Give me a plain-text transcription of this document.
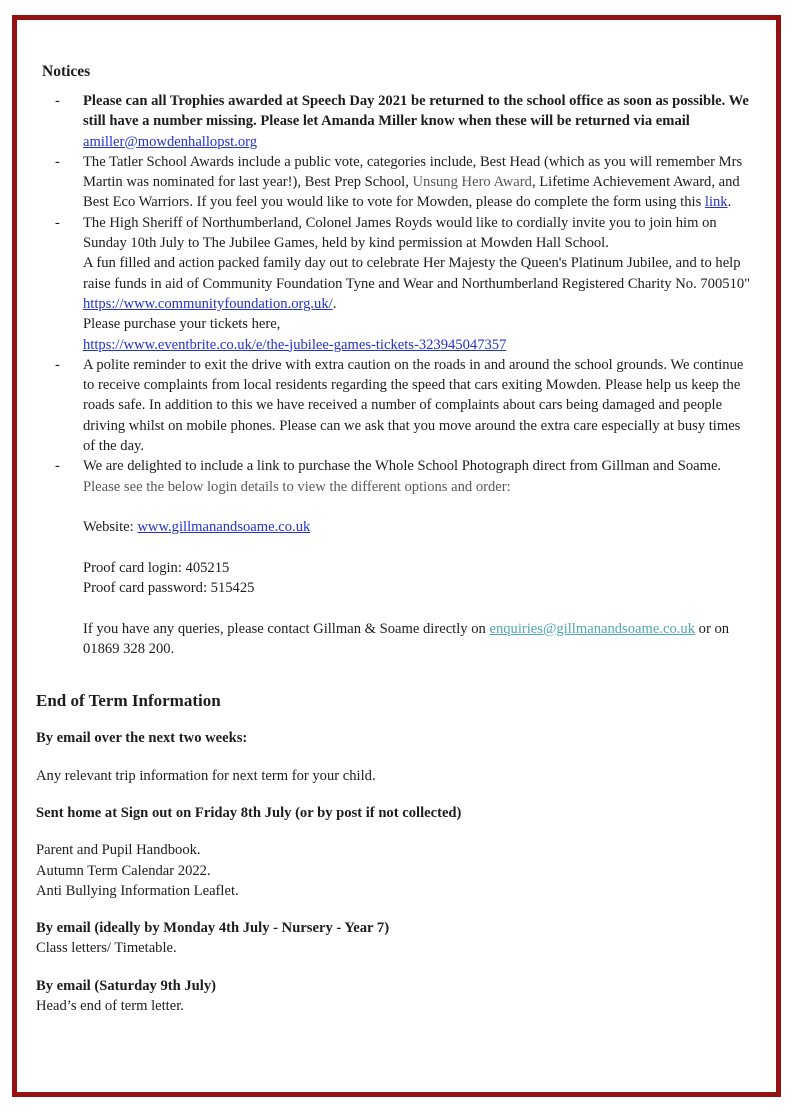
Notices
-	Please can all Trophies awarded at Speech Day 2021 be returned to the school office as soon as possible. We still have a number missing. Please let Amanda Miller know when these will be returned via email amiller@mowdenhallopst.org
-	The Tatler School Awards include a public vote, categories include, Best Head (which as you will remember Mrs Martin was nominated for last year!), Best Prep School, Unsung Hero Award, Lifetime Achievement Award, and Best Eco Warriors. If you feel you would like to vote for Mowden, please do complete the form using this link.
-	The High Sheriff of Northumberland, Colonel James Royds would like to cordially invite you to join him on Sunday 10th July to The Jubilee Games, held by kind permission at Mowden Hall School.
A fun filled and action packed family day out to celebrate Her Majesty the Queen's Platinum Jubilee, and to help raise funds in aid of Community Foundation Tyne and Wear and Northumberland Registered Charity No. 700510"
https://www.communityfoundation.org.uk/.
Please purchase your tickets here,
https://www.eventbrite.co.uk/e/the-jubilee-games-tickets-323945047357
-	A polite reminder to exit the drive with extra caution on the roads in and around the school grounds. We continue to receive complaints from local residents regarding the speed that cars exiting Mowden. Please help us keep the roads safe. In addition to this we have received a number of complaints about cars being damaged and people driving whilst on mobile phones. Please can we ask that you move around the extra care especially at busy times of the day.
-	We are delighted to include a link to purchase the Whole School Photograph direct from Gillman and Soame. Please see the below login details to view the different options and order:
Website: www.gillmanandsoame.co.uk
Proof card login: 405215
Proof card password: 515425
If you have any queries, please contact Gillman & Soame directly on enquiries@gillmanandsoame.co.uk or on 01869 328 200.
End of Term Information
By email over the next two weeks:
Any relevant trip information for next term for your child.
Sent home at Sign out on Friday 8th July (or by post if not collected)
Parent and Pupil Handbook.
Autumn Term Calendar 2022.
Anti Bullying Information Leaflet.
By email (ideally by Monday 4th July - Nursery - Year 7)
Class letters/ Timetable.
By email (Saturday 9th July)
Head’s end of term letter.
